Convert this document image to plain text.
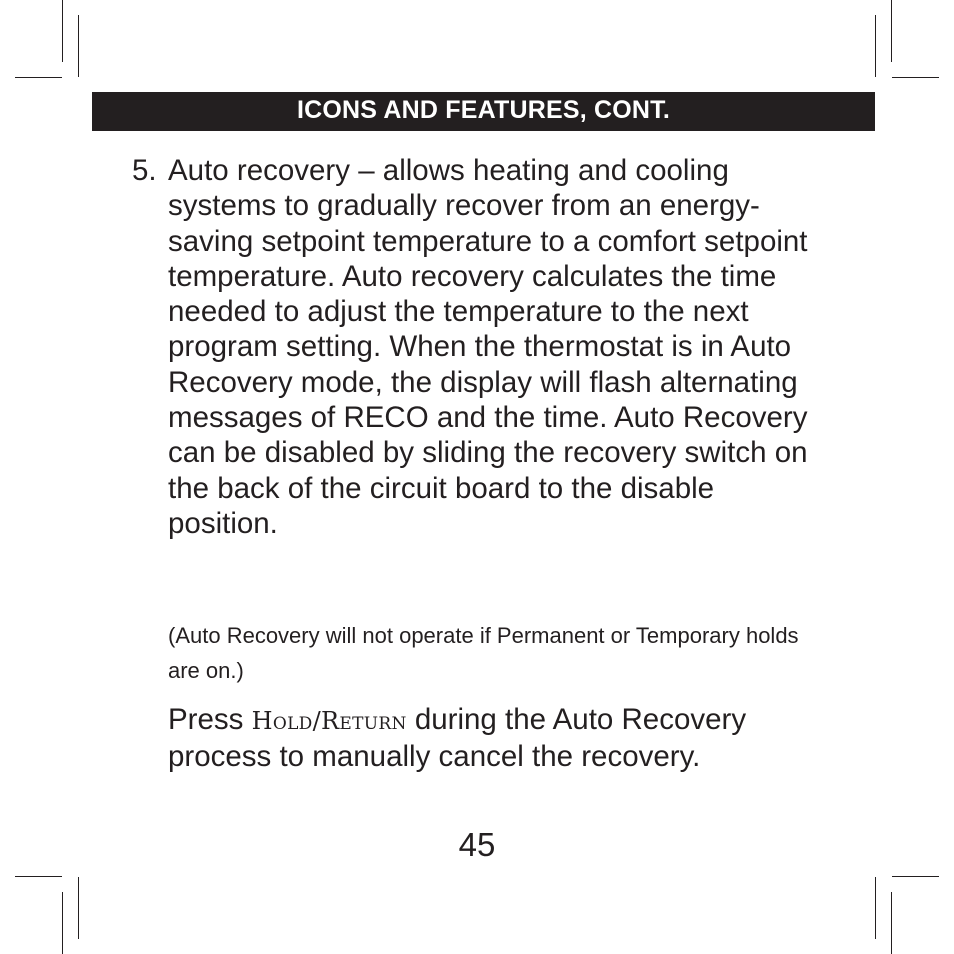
ICONS AND FEATURES, CONT.
5. Auto recovery – allows heating and cooling systems to gradually recover from an energy-saving setpoint temperature to a comfort setpoint temperature. Auto recovery calculates the time needed to adjust the temperature to the next program setting. When the thermostat is in Auto Recovery mode, the display will flash alternating messages of RECO and the time. Auto Recovery can be disabled by sliding the recovery switch on the back of the circuit board to the disable position.
(Auto Recovery will not operate if Permanent or Temporary holds are on.)
Press Hold/Return during the Auto Recovery process to manually cancel the recovery.
45
